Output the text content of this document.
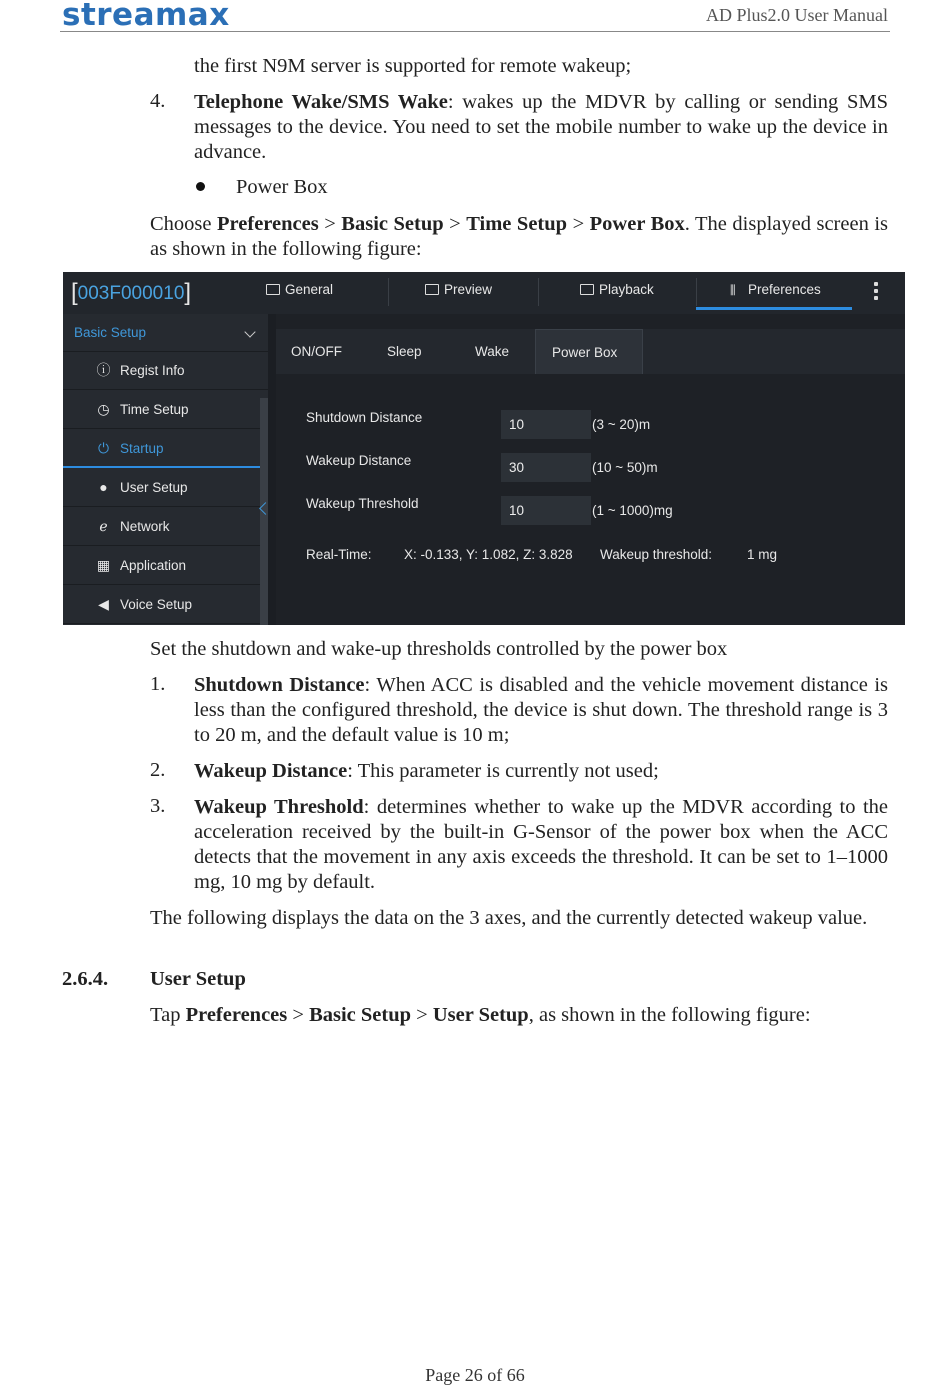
streamax	AD Plus2.0 User Manual
the first N9M server is supported for remote wakeup;
4. Telephone Wake/SMS Wake: wakes up the MDVR by calling or sending SMS messages to the device. You need to set the mobile number to wake up the device in advance.
Power Box
Choose Preferences > Basic Setup > Time Setup > Power Box. The displayed screen is as shown in the following figure:
[003F000010]	General	Preview	Playback	⫼ Preferences
Basic Setup
ⓘ Regist Info
◷ Time Setup
⏻ Startup
● User Setup
ℯ Network
▦ Application
◀ Voice Setup
ON/OFF	Sleep	Wake	Power Box
Shutdown Distance	10	(3 ~ 20)m
Wakeup Distance	30	(10 ~ 50)m
Wakeup Threshold	10	(1 ~ 1000)mg
Real-Time: X: -0.133, Y: 1.082, Z: 3.828 Wakeup threshold:	1 mg
Set the shutdown and wake-up thresholds controlled by the power box
1. Shutdown Distance: When ACC is disabled and the vehicle movement distance is less than the configured threshold, the device is shut down. The threshold range is 3 to 20 m, and the default value is 10 m;
2. Wakeup Distance: This parameter is currently not used;
3. Wakeup Threshold: determines whether to wake up the MDVR according to the acceleration received by the built-in G-Sensor of the power box when the ACC detects that the movement in any axis exceeds the threshold. It can be set to 1–1000 mg, 10 mg by default.
The following displays the data on the 3 axes, and the currently detected wakeup value.
2.6.4. User Setup
Tap Preferences > Basic Setup > User Setup, as shown in the following figure:
Page 26 of 66
